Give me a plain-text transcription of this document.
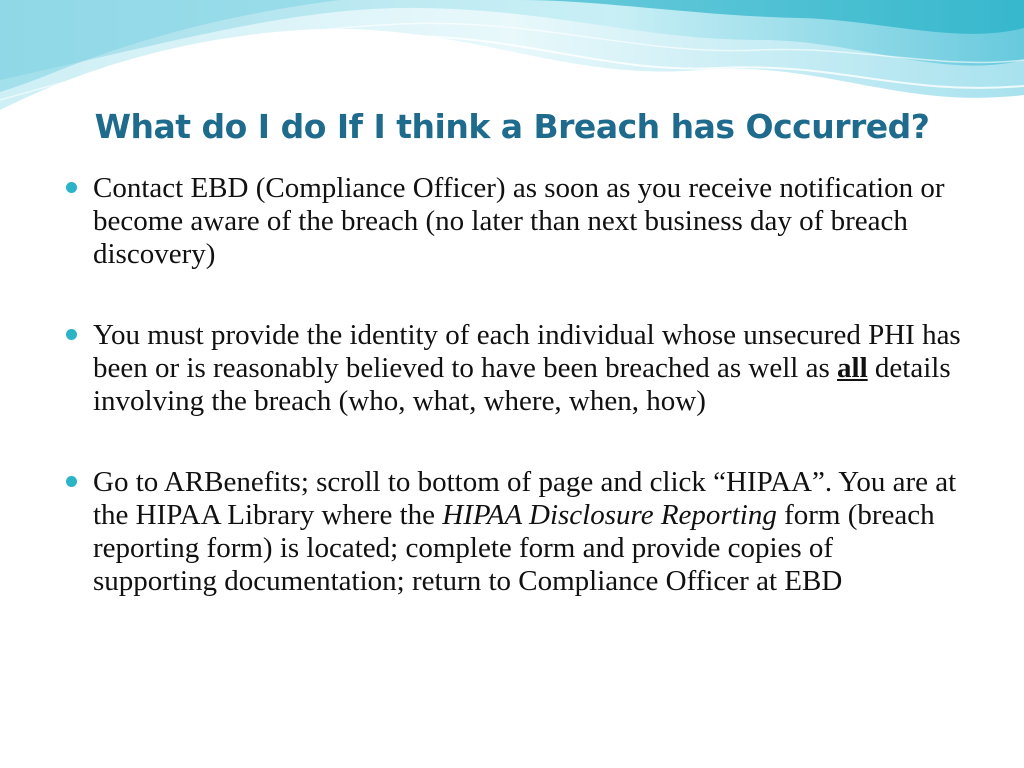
What do I do If I think a Breach has Occurred?
Contact EBD (Compliance Officer) as soon as you receive notification or become aware of the breach (no later than next business day of breach discovery)
You must provide the identity of each individual whose unsecured PHI has been or is reasonably believed to have been breached as well as all details involving the breach (who, what, where, when, how)
Go to ARBenefits; scroll to bottom of page and click “HIPAA”. You are at the HIPAA Library where the HIPAA Disclosure Reporting form (breach reporting form) is located; complete form and provide copies of supporting documentation; return to Compliance Officer at EBD
